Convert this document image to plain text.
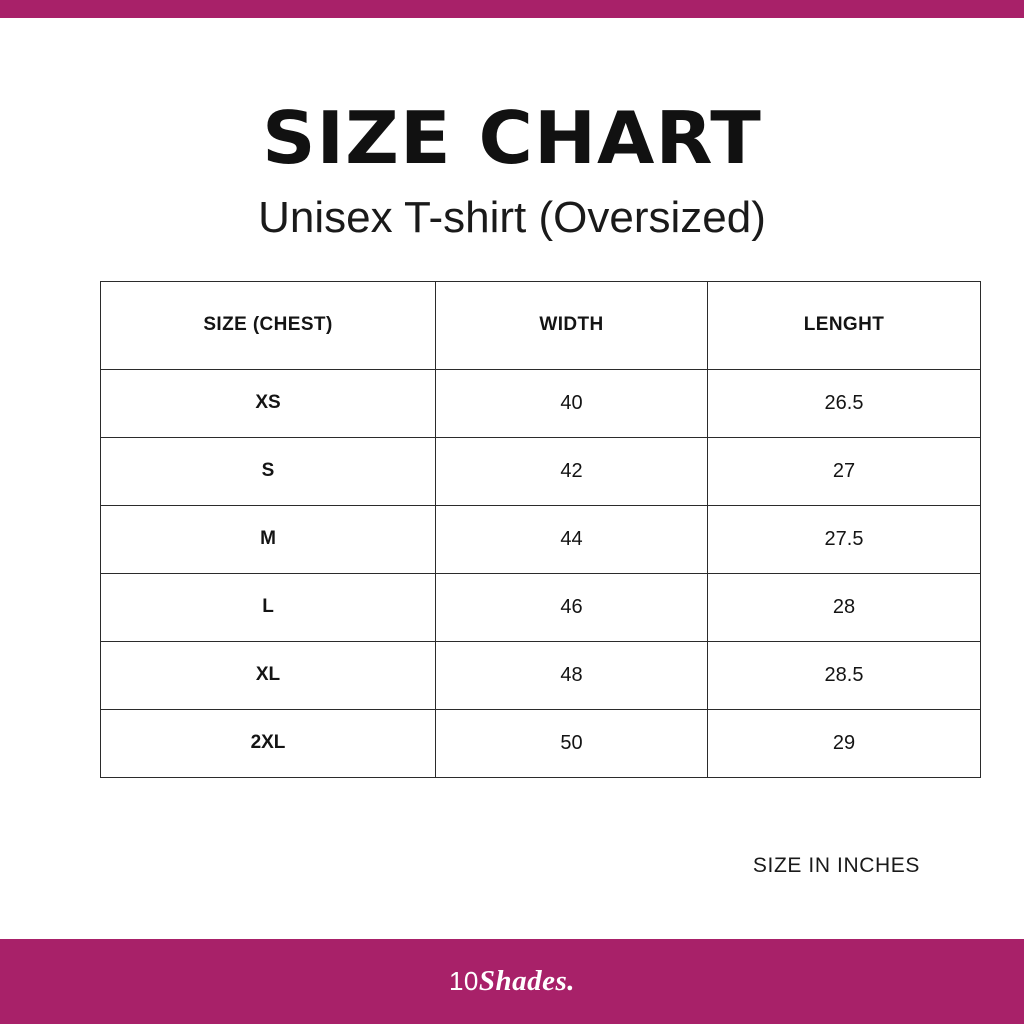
SIZE CHART

Unisex T-shirt (Oversized)

SIZE (CHEST)	WIDTH	LENGHT
XS	40	26.5
S	42	27
M	44	27.5
L	46	28
XL	48	28.5
2XL	50	29
SIZE IN INCHES
10Shades.
